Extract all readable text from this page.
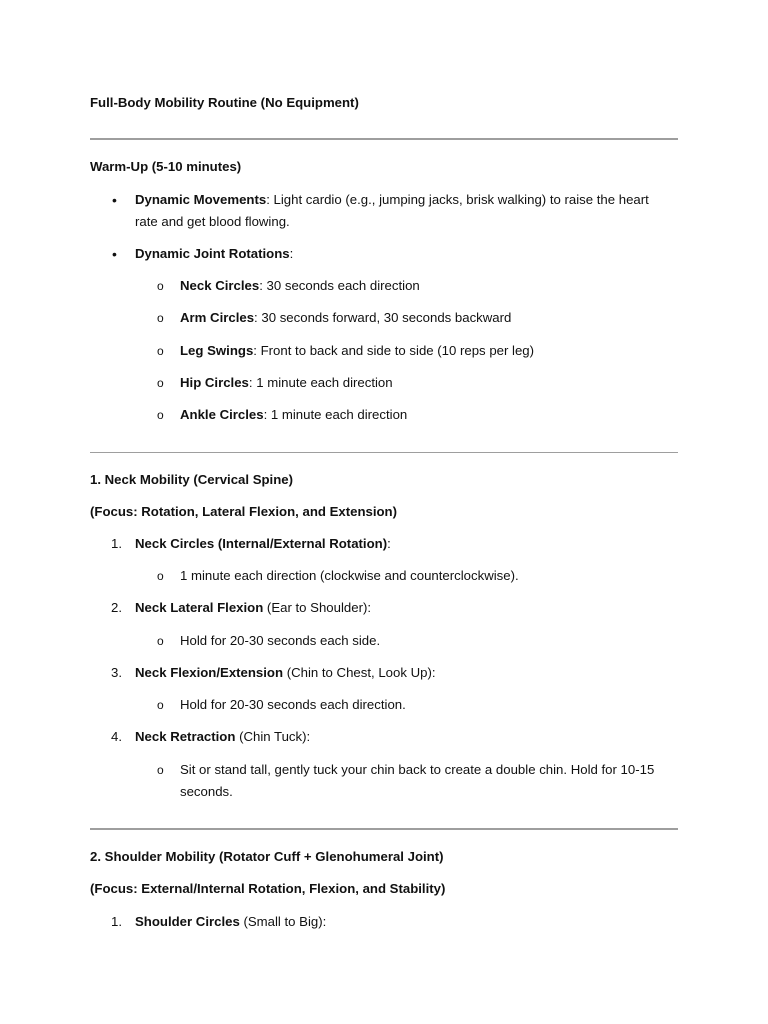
Full-Body Mobility Routine (No Equipment)
Warm-Up (5-10 minutes)
• Dynamic Movements: Light cardio (e.g., jumping jacks, brisk walking) to raise the heart
rate and get blood flowing.
• Dynamic Joint Rotations:
o Neck Circles: 30 seconds each direction
o Arm Circles: 30 seconds forward, 30 seconds backward
o Leg Swings: Front to back and side to side (10 reps per leg)
o Hip Circles: 1 minute each direction
o Ankle Circles: 1 minute each direction
1. Neck Mobility (Cervical Spine)
(Focus: Rotation, Lateral Flexion, and Extension)
1. Neck Circles (Internal/External Rotation):
o 1 minute each direction (clockwise and counterclockwise).
2. Neck Lateral Flexion (Ear to Shoulder):
o Hold for 20-30 seconds each side.
3. Neck Flexion/Extension (Chin to Chest, Look Up):
o Hold for 20-30 seconds each direction.
4. Neck Retraction (Chin Tuck):
o Sit or stand tall, gently tuck your chin back to create a double chin. Hold for 10-15
seconds.
2. Shoulder Mobility (Rotator Cuff + Glenohumeral Joint)
(Focus: External/Internal Rotation, Flexion, and Stability)
1. Shoulder Circles (Small to Big):
